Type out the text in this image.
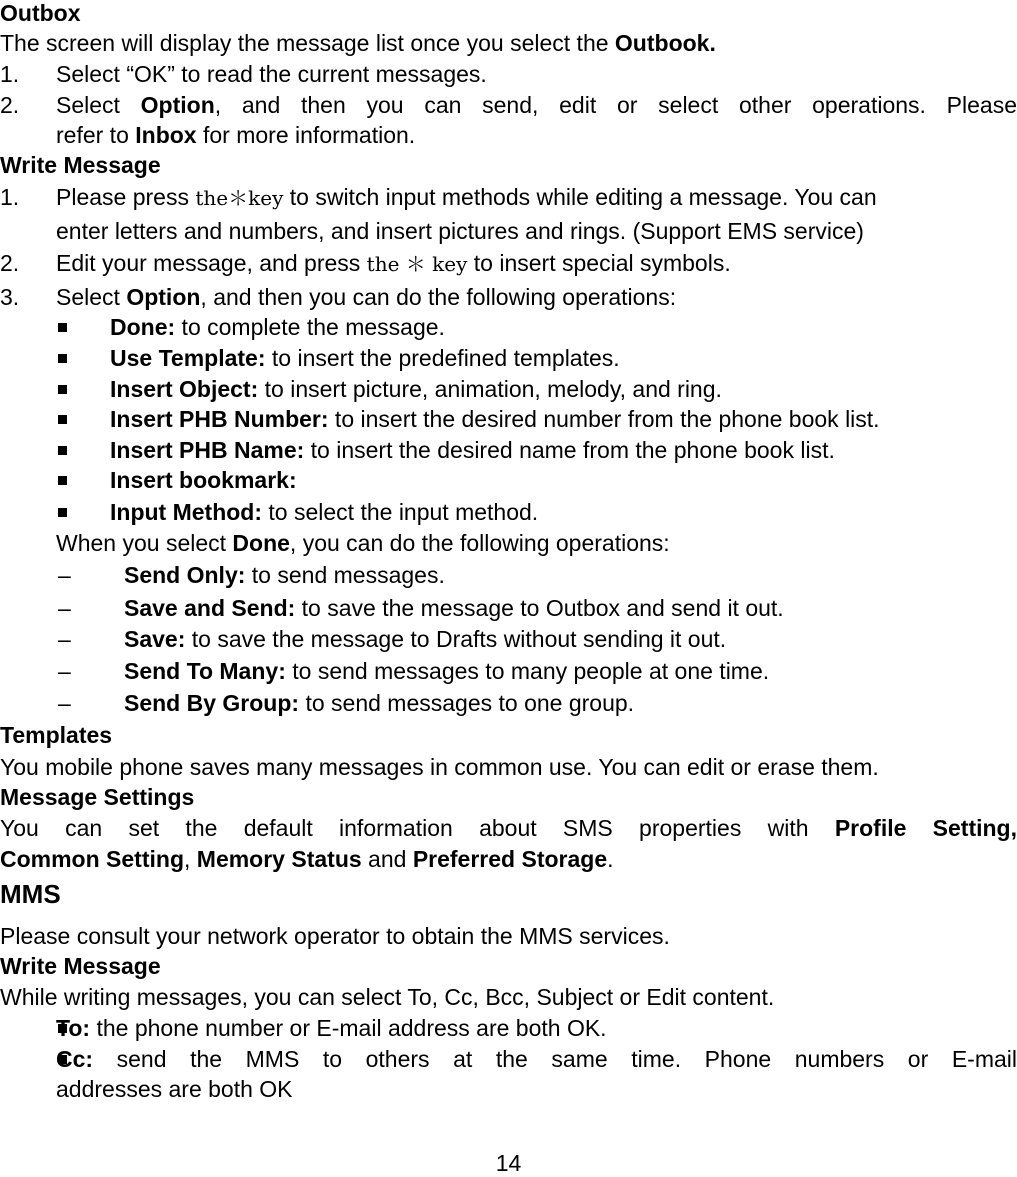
Outbox
The screen will display the message list once you select the Outbook.
1. Select “OK” to read the current messages.
2. Select Option, and then you can send, edit or select other operations. Please
refer to Inbox for more information.
Write Message
1. Please press the＊key to switch input methods while editing a message. You can
enter letters and numbers, and insert pictures and rings. (Support EMS service)
2. Edit your message, and press the ＊ key to insert special symbols.
3. Select Option, and then you can do the following operations:
Done: to complete the message.
Use Template: to insert the predefined templates.
Insert Object: to insert picture, animation, melody, and ring.
Insert PHB Number: to insert the desired number from the phone book list.
Insert PHB Name: to insert the desired name from the phone book list.
Insert bookmark:
Input Method: to select the input method.
When you select Done, you can do the following operations:
– Send Only: to send messages.
– Save and Send: to save the message to Outbox and send it out.
– Save: to save the message to Drafts without sending it out.
– Send To Many: to send messages to many people at one time.
– Send By Group: to send messages to one group.
Templates
You mobile phone saves many messages in common use. You can edit or erase them.
Message Settings
You can set the default information about SMS properties with Profile Setting,
Common Setting, Memory Status and Preferred Storage.
MMS
Please consult your network operator to obtain the MMS services.
Write Message
While writing messages, you can select To, Cc, Bcc, Subject or Edit content.
To: the phone number or E-mail address are both OK.
Cc: send the MMS to others at the same time. Phone numbers or E-mail
addresses are both OK
14
